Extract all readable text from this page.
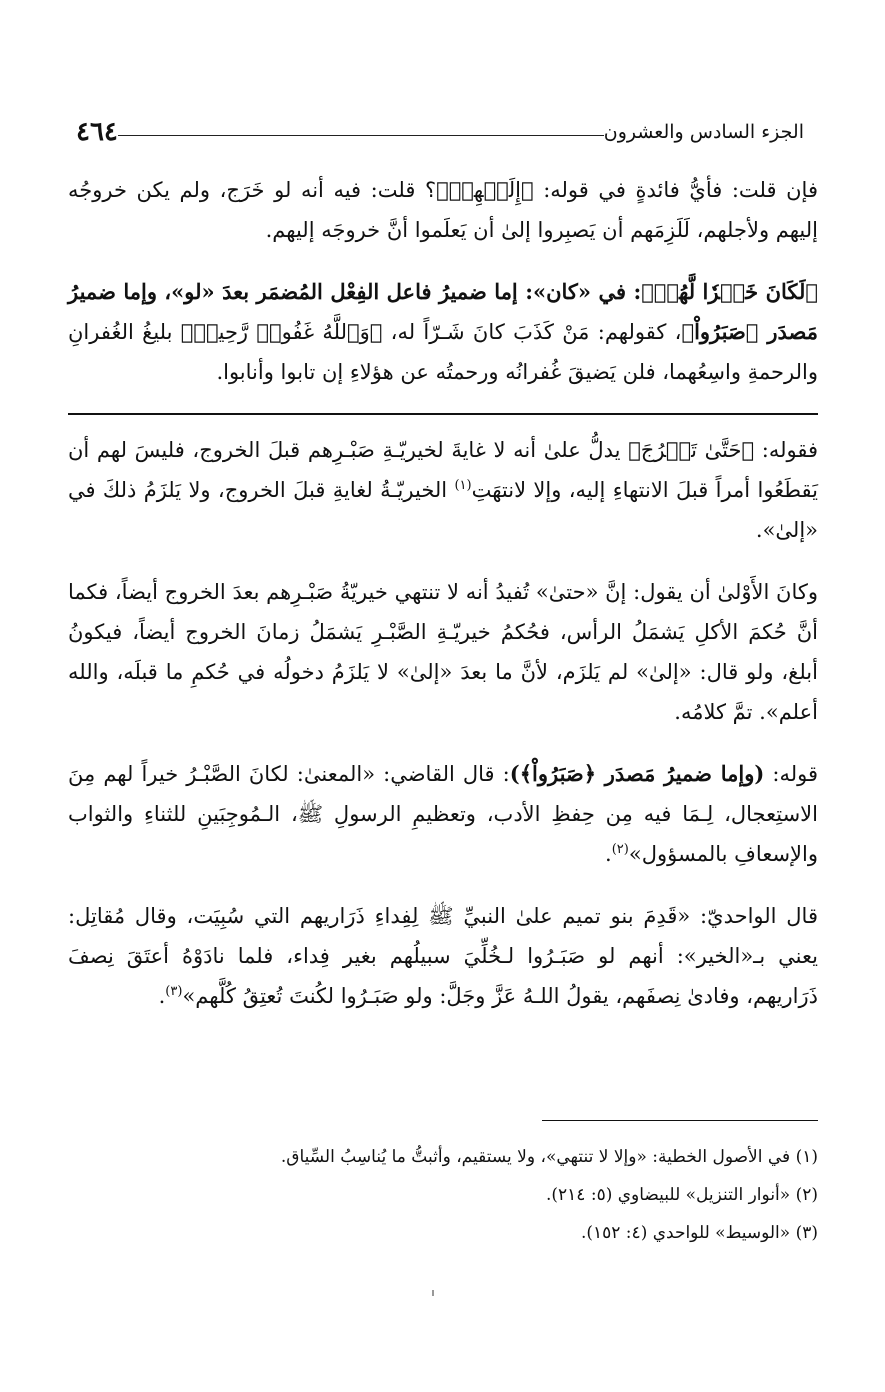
٤٦٤	الجزء السادس والعشرون

فإن قلت: فأيُّ فائدةٍ في قوله: ﴿إِلَيۡهِمۡ﴾؟ قلت: فيه أنه لو خَرَج، ولم يكن خروجُه إليهم ولأجلهم، لَلَزِمَهم أن يَصبِروا إلىٰ أن يَعلَموا أنَّ خروجَه إليهم.

﴿لَكَانَ خَيۡرٗا لَّهُمۡ﴾: في «كان»: إما ضميرُ فاعل الفِعْل المُضمَر بعدَ «لو»، وإما ضميرُ مَصدَر ﴿صَبَرُواْ﴾، كقولهم: مَنْ كَذَبَ كانَ شَـرّاً له، ﴿وَٱللَّهُ غَفُورٞ رَّحِيمٞ﴾ بليغُ الغُفرانِ والرحمةِ واسِعُهما، فلن يَضيقَ غُفرانُه ورحمتُه عن هؤلاءِ إن تابوا وأنابوا.

فقوله: ﴿حَتَّىٰ تَخۡرُجَ﴾ يدلُّ علىٰ أنه لا غايةَ لخيريّـةِ صَبْـرِهم قبلَ الخروج، فليسَ لهم أن يَقطَعُوا أمراً قبلَ الانتهاءِ إليه، وإلا لانتهَتِ$^{(١)}$ الخيريّـةُ لغايةِ قبلَ الخروج، ولا يَلزَمُ ذلكَ في «إلىٰ».

وكانَ الأَوْلىٰ أن يقول: إنَّ «حتىٰ» تُفيدُ أنه لا تنتهي خيريّةُ صَبْـرِهم بعدَ الخروج أيضاً، فكما أنَّ حُكمَ الأكلِ يَشمَلُ الرأس، فحُكمُ خيريّـةِ الصَّبْـرِ يَشمَلُ زمانَ الخروج أيضاً، فيكونُ أبلغ، ولو قال: «إلىٰ» لم يَلزَم، لأنَّ ما بعدَ «إلىٰ» لا يَلزَمُ دخولُه في حُكمِ ما قبلَه، والله أعلم». تمَّ كلامُه.

قوله: (وإما ضميرُ مَصدَر ﴿صَبَرُواْ﴾): قال القاضي: «المعنىٰ: لكانَ الصَّبْـرُ خيراً لهم مِنَ الاستِعجال، لِـمَا فيه مِن حِفظِ الأدب، وتعظيمِ الرسولِ ﷺ، الـمُوجِبَينِ للثناءِ والثواب والإسعافِ بالمسؤول»$^{(٢)}$.

قال الواحديّ: «قَدِمَ بنو تميم علىٰ النبيِّ ﷺ لِفِداءِ ذَرَاريهم التي سُبِيَت، وقال مُقاتِل: يعني بـ«الخير»: أنهم لو صَبَـرُوا لـخُلِّيَ سبيلُهم بغير فِداء، فلما نادَوْهُ أعتَقَ نِصفَ ذَرَاريهم، وفادىٰ نِصفَهم، يقولُ اللـهُ عَزَّ وجَلَّ: ولو صَبَـرُوا لكُنتَ تُعتِقُ كُلَّهم»$^{(٣)}$.

(١) في الأصول الخطية: «وإلا لا تنتهي»، ولا يستقيم، وأثبتُّ ما يُناسِبُ السِّياق.
(٢) «أنوار التنزيل» للبيضاوي (٥: ٢١٤).
(٣) «الوسيط» للواحدي (٤: ١٥٢).
